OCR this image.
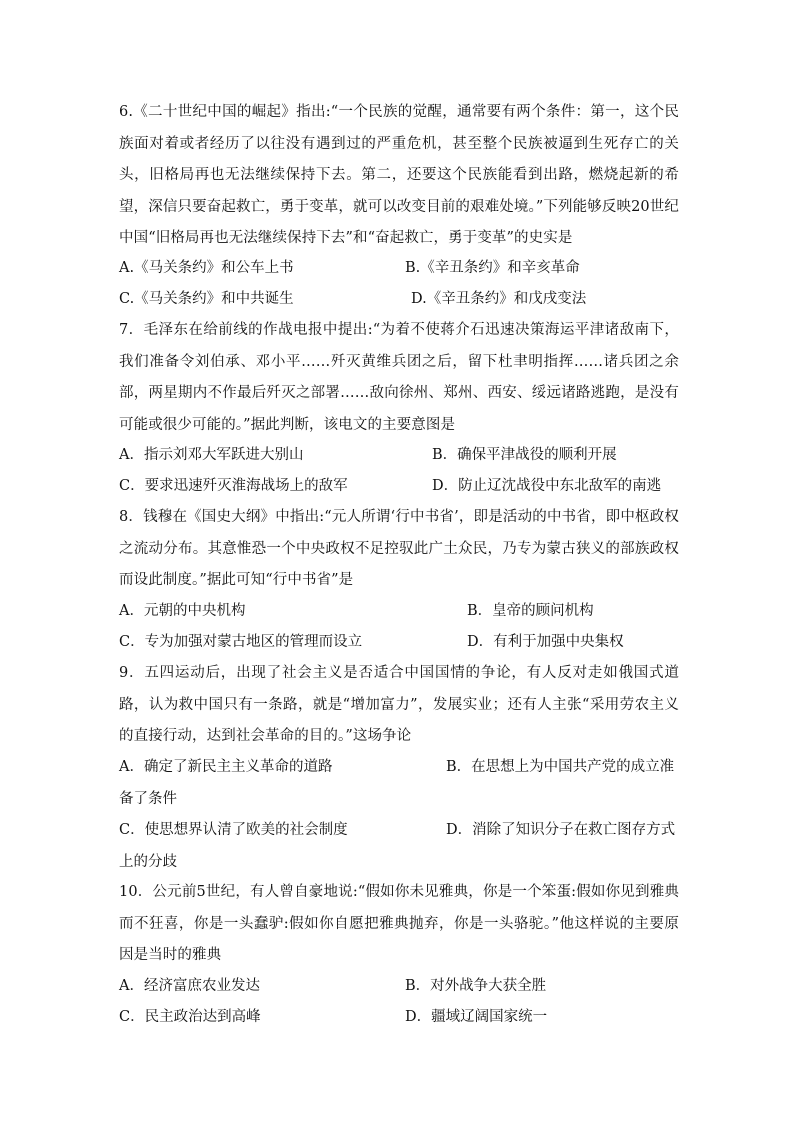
6.《二十世纪中国的崛起》指出:“一个民族的觉醒，通常要有两个条件：第一，这个民族面对着或者经历了以往没有遇到过的严重危机，甚至整个民族被逼到生死存亡的关头，旧格局再也无法继续保持下去。第二，还要这个民族能看到出路，燃烧起新的希望，深信只要奋起救亡，勇于变革，就可以改变目前的艰难处境。”下列能够反映20世纪中国“旧格局再也无法继续保持下去”和“奋起救亡，勇于变革”的史实是
A.《马关条约》和公车上书	B.《辛丑条约》和辛亥革命
C.《马关条约》和中共诞生	D.《辛丑条约》和戊戌变法
7．毛泽东在给前线的作战电报中提出:“为着不使蒋介石迅速决策海运平津诸敌南下，我们准备令刘伯承、邓小平……歼灭黄维兵团之后，留下杜聿明指挥……诸兵团之余部，两星期内不作最后歼灭之部署……敌向徐州、郑州、西安、绥远诸路逃跑，是没有可能或很少可能的。”据此判断，该电文的主要意图是
A．指示刘邓大军跃进大别山	B．确保平津战役的顺利开展
C．要求迅速歼灭淮海战场上的敌军	D．防止辽沈战役中东北敌军的南逃
8．钱穆在《国史大纲》中指出:“元人所谓‘行中书省’，即是活动的中书省，即中枢政权之流动分布。其意惟恐一个中央政权不足控驭此广土众民，乃专为蒙古狭义的部族政权而设此制度。”据此可知“行中书省”是
A．元朝的中央机构	B．皇帝的顾问机构
C．专为加强对蒙古地区的管理而设立	D．有利于加强中央集权
9．五四运动后，出现了社会主义是否适合中国国情的争论，有人反对走如俄国式道路，认为救中国只有一条路，就是“增加富力”，发展实业；还有人主张“采用劳农主义的直接行动，达到社会革命的目的。”这场争论
A．确定了新民主主义革命的道路	B．在思想上为中国共产党的成立准备了条件
C．使思想界认清了欧美的社会制度	D．消除了知识分子在救亡图存方式上的分歧
10．公元前5世纪，有人曾自豪地说:“假如你未见雅典，你是一个笨蛋:假如你见到雅典而不狂喜，你是一头蠢驴:假如你自愿把雅典抛弃，你是一头骆驼。”他这样说的主要原因是当时的雅典
A．经济富庶农业发达	B．对外战争大获全胜
C．民主政治达到高峰	D．疆域辽阔国家统一
